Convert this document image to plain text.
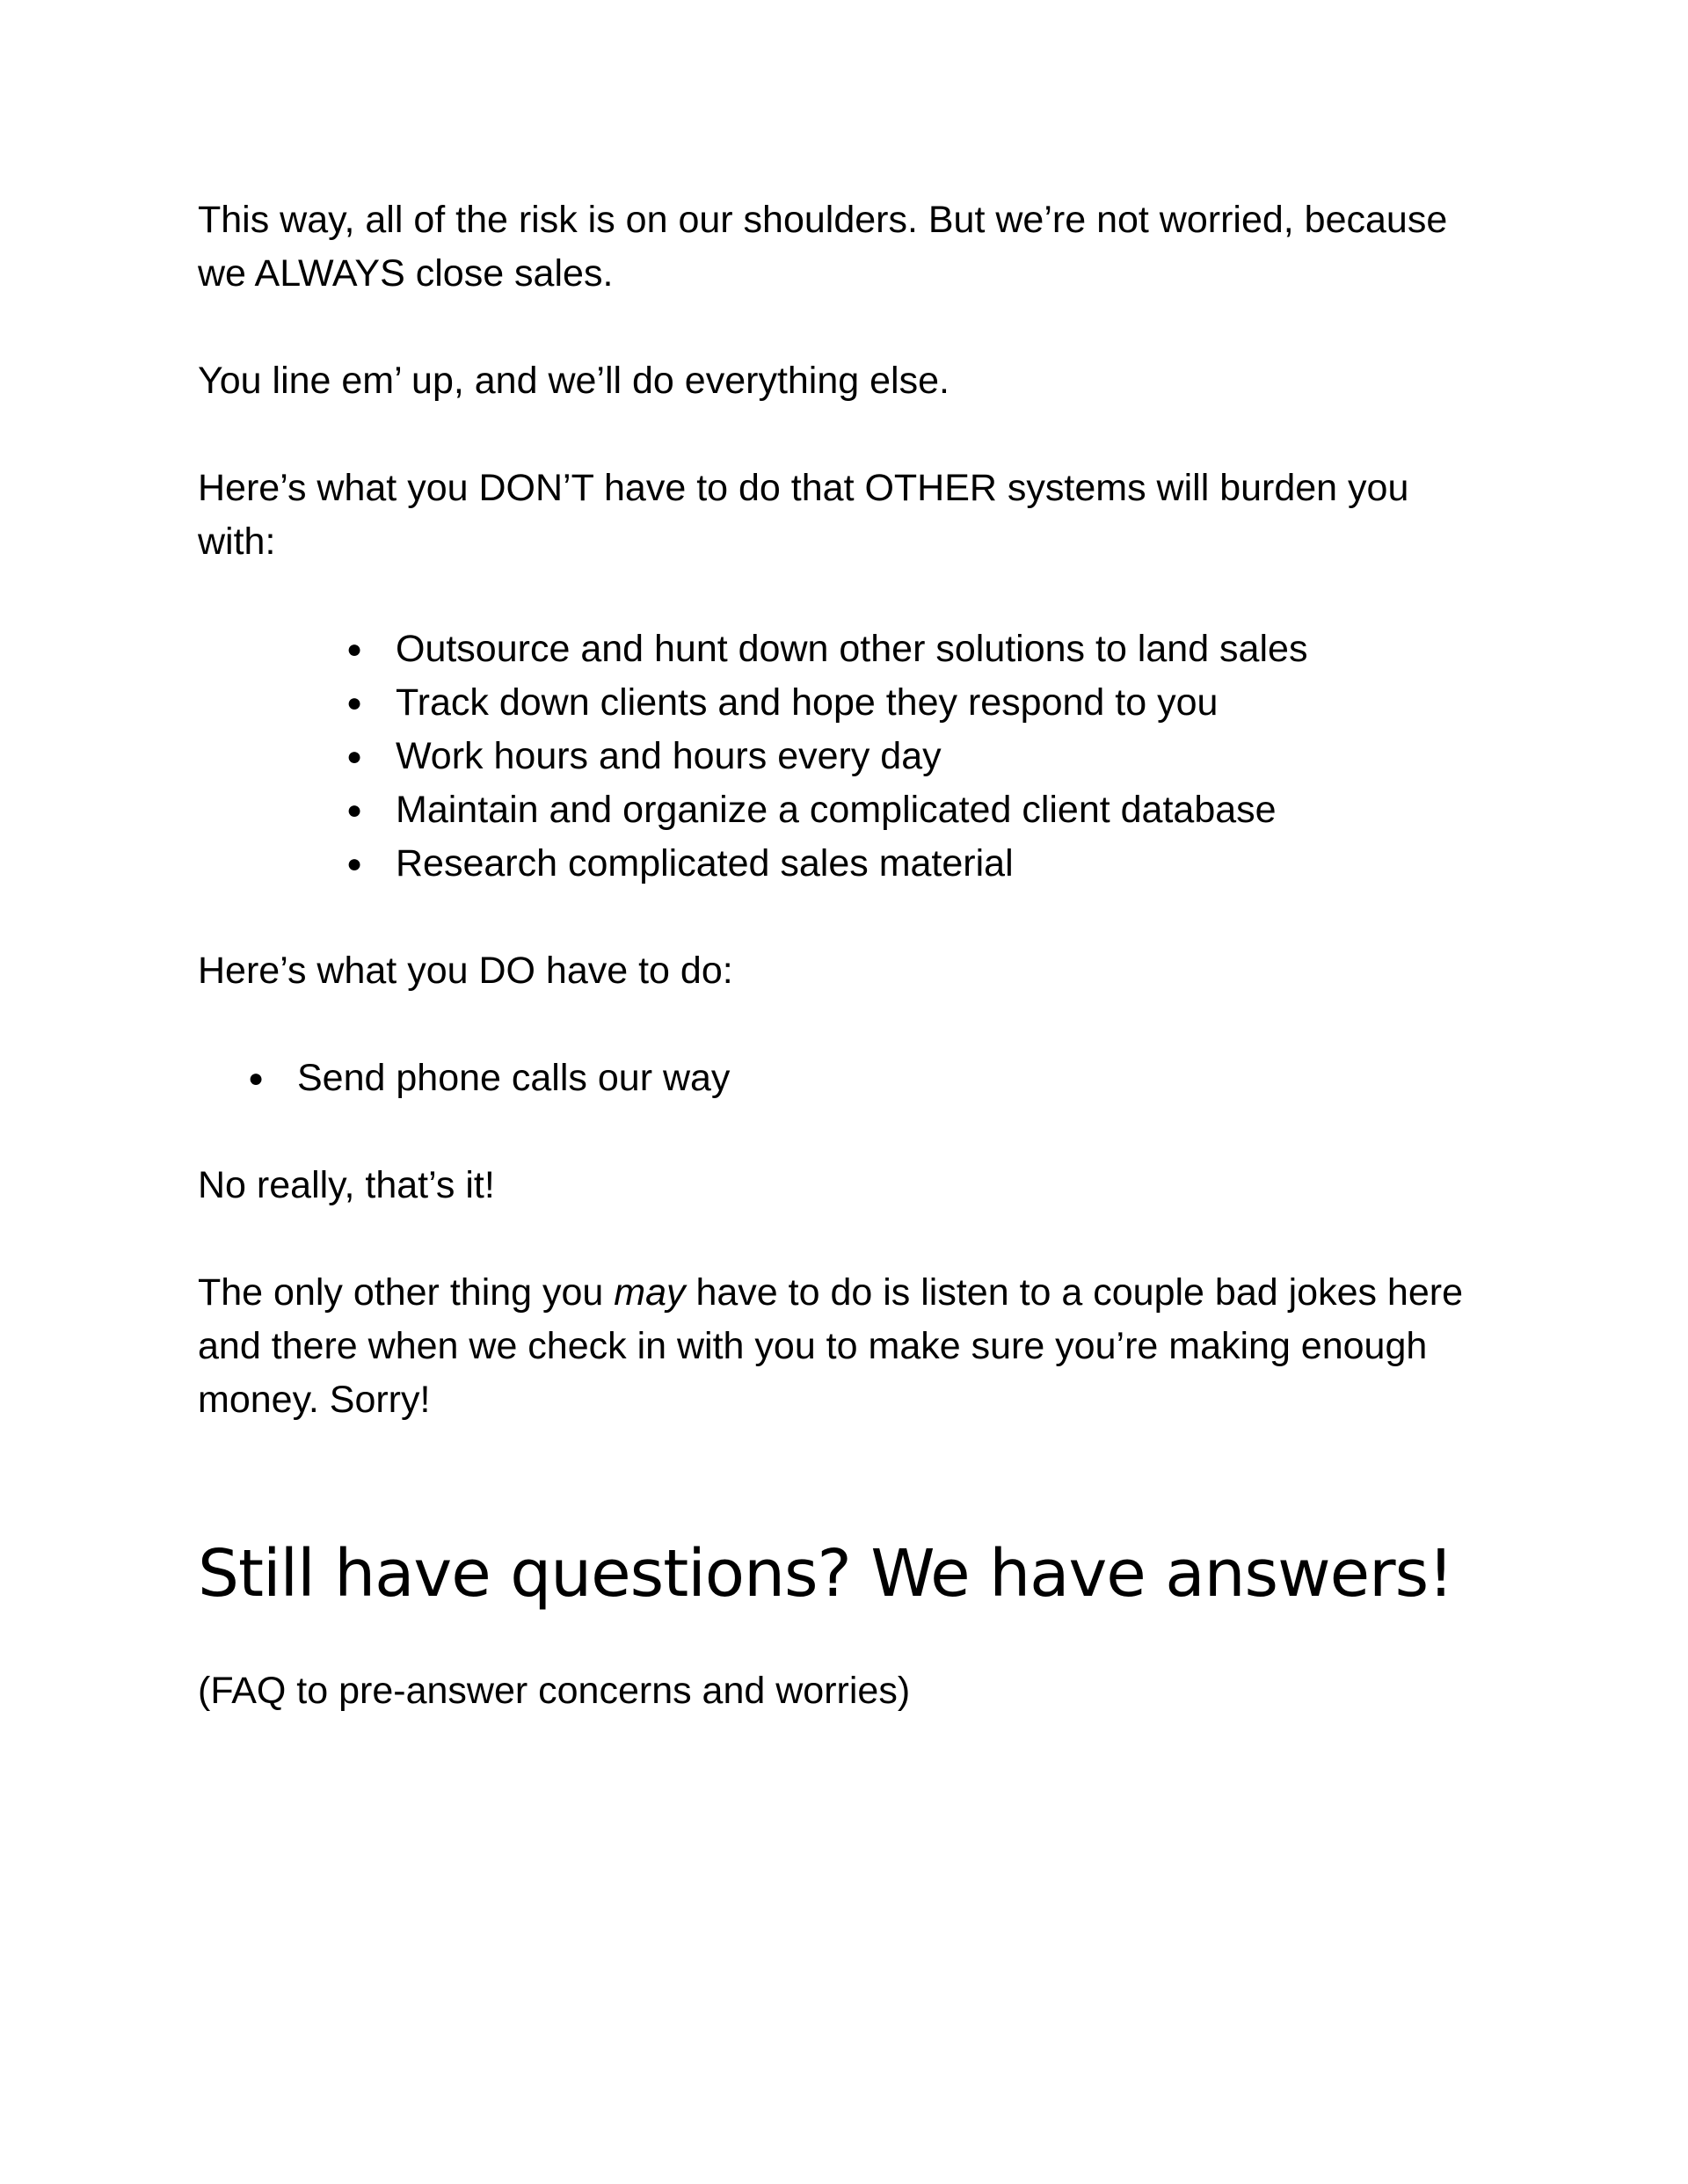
This way, all of the risk is on our shoulders. But we’re not worried, because we ALWAYS close sales.

You line em’ up, and we’ll do everything else.

Here’s what you DON’T have to do that OTHER systems will burden you with:

● Outsource and hunt down other solutions to land sales
● Track down clients and hope they respond to you
● Work hours and hours every day
● Maintain and organize a complicated client database
● Research complicated sales material

Here’s what you DO have to do:

● Send phone calls our way

No really, that’s it!

The only other thing you may have to do is listen to a couple bad jokes here and there when we check in with you to make sure you’re making enough money. Sorry!

Still have questions? We have answers!

(FAQ to pre-answer concerns and worries)
